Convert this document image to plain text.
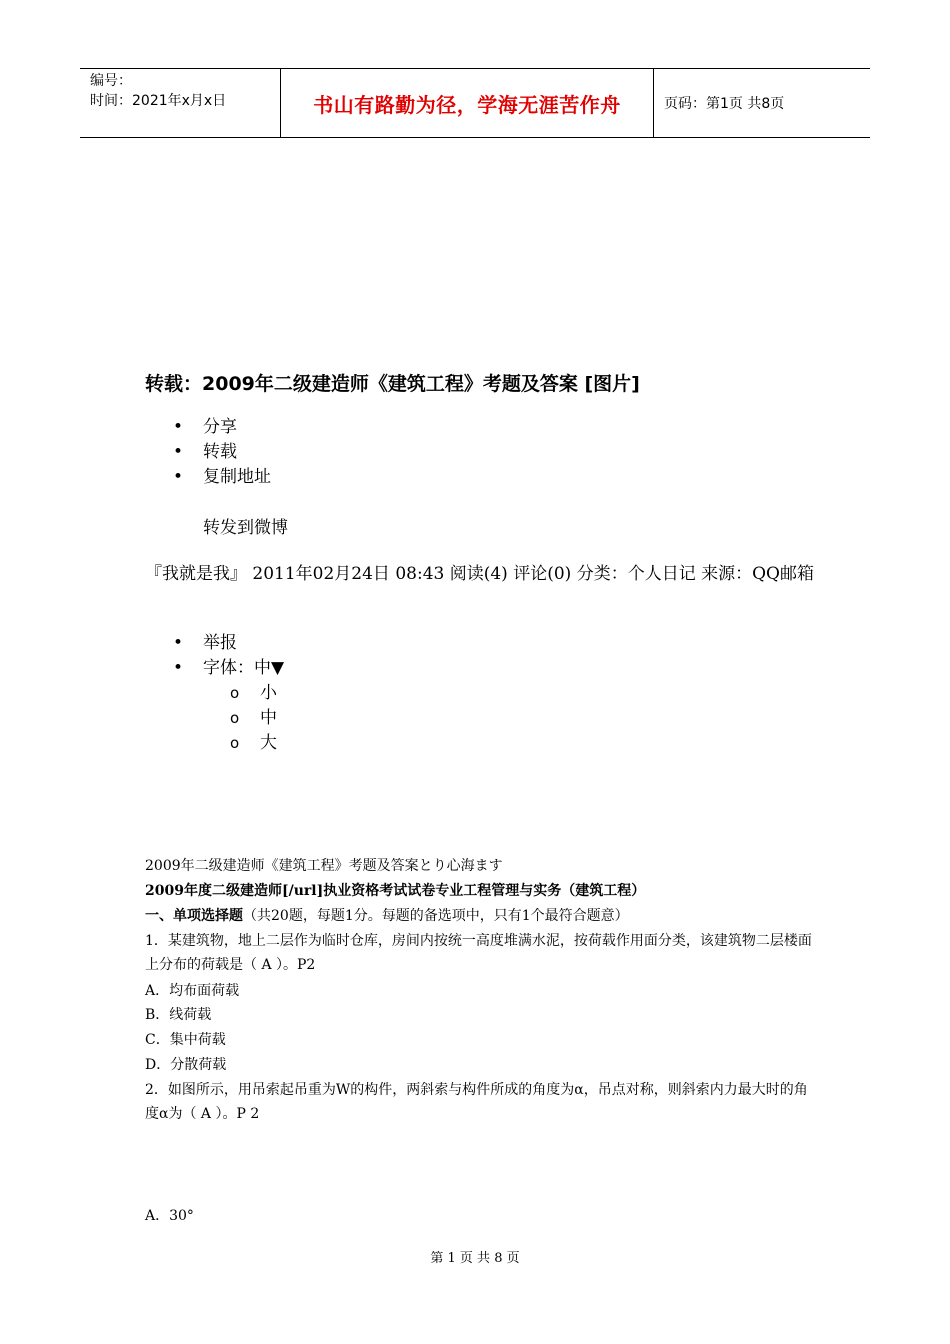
编号：
时间：2021年x月x日	书山有路勤为径，学海无涯苦作舟	页码：第1页 共8页
转载：2009年二级建造师《建筑工程》考题及答案 [图片]
• 分享
• 转载
• 复制地址
转发到微博
『我就是我』 2011年02月24日 08:43 阅读(4) 评论(0) 分类：个人日记 来源：QQ邮箱
• 举报
• 字体：中▼
o 小
o 中
o 大
2009年二级建造师《建筑工程》考题及答案とり心海ます
2009年度二级建造师[/url]执业资格考试试卷专业工程管理与实务（建筑工程）
一、单项选择题（共20题，每题1分。每题的备选项中，只有1个最符合题意）
1．某建筑物，地上二层作为临时仓库，房间内按统一高度堆满水泥，按荷载作用面分类，该建筑物二层楼面上分布的荷载是（ A ）。P2
A．均布面荷载
B．线荷载
C．集中荷载
D．分散荷载
2．如图所示，用吊索起吊重为W的构件，两斜索与构件所成的角度为α，吊点对称，则斜索内力最大时的角度α为（ A ）。P 2
A．30°
第 1 页 共 8 页
